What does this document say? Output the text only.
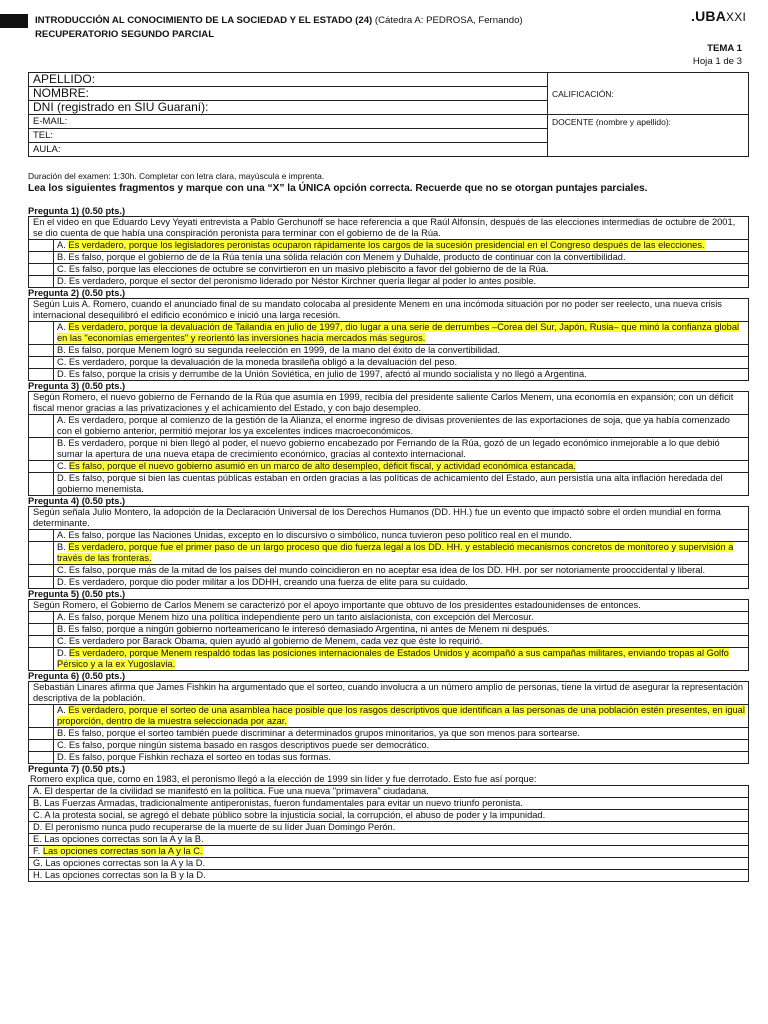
INTRODUCCIÓN AL CONOCIMIENTO DE LA SOCIEDAD Y EL ESTADO (24) (Cátedra A: PEDROSA, Fernando)
RECUPERATORIO SEGUNDO PARCIAL
.UBAXXI
TEMA 1
Hoja 1 de 3
APELLIDO:	CALIFICACIÓN:
NOMBRE:	
DNI (registrado en SIU Guaraní):	
E-MAIL:	DOCENTE (nombre y apellido):
TEL:	
AULA:	
Duración del examen: 1:30h. Completar con letra clara, mayúscula e imprenta.
Lea los siguientes fragmentos y marque con una “X” la ÚNICA opción correcta. Recuerde que no se otorgan puntajes parciales.
Pregunta 1) (0.50 pts.)
En el video en que Eduardo Levy Yeyati entrevista a Pablo Gerchunoff se hace referencia a que Raúl Alfonsín, después de las elecciones intermedias de octubre de 2001, se dio cuenta de que había una conspiración peronista para terminar con el gobierno de de la Rúa.
A. Es verdadero, porque los legisladores peronistas ocuparon rápidamente los cargos de la sucesión presidencial en el Congreso después de las elecciones.
B. Es falso, porque el gobierno de de la Rúa tenía una sólida relación con Menem y Duhalde, producto de continuar con la convertibilidad.
C. Es falso, porque las elecciones de octubre se convirtieron en un masivo plebiscito a favor del gobierno de de la Rúa.
D. Es verdadero, porque el sector del peronismo liderado por Néstor Kirchner quería llegar al poder lo antes posible.
Pregunta 2) (0.50 pts.)
Según Luis A. Romero, cuando el anunciado final de su mandato colocaba al presidente Menem en una incómoda situación por no poder ser reelecto, una nueva crisis internacional desequilibró el edificio económico e inició una larga recesión.
A. Es verdadero, porque la devaluación de Tailandia en julio de 1997, dio lugar a una serie de derrumbes –Corea del Sur, Japón, Rusia– que minó la confianza global en las "economías emergentes" y reorientó las inversiones hacia mercados más seguros.
B. Es falso, porque Menem logró su segunda reelección en 1999, de la mano del éxito de la convertibilidad.
C. Es verdadero, porque la devaluación de la moneda brasileña obligó a la devaluación del peso.
D. Es falso, porque la crisis y derrumbe de la Unión Soviética, en julio de 1997, afectó al mundo socialista y no llegó a Argentina.
Pregunta 3) (0.50 pts.)
Según Romero, el nuevo gobierno de Fernando de la Rúa que asumía en 1999, recibía del presidente saliente Carlos Menem, una economía en expansión; con un déficit fiscal menor gracias a las privatizaciones y el achicamiento del Estado, y con bajo desempleo.
A. Es verdadero, porque al comienzo de la gestión de la Alianza, el enorme ingreso de divisas provenientes de las exportaciones de soja, que ya había comenzado con el gobierno anterior, permitió mejorar los ya excelentes índices macroeconómicos.
B. Es verdadero, porque ni bien llegó al poder, el nuevo gobierno encabezado por Fernando de la Rúa, gozó de un legado económico inmejorable a lo que debió sumar la apertura de una nueva etapa de crecimiento económico, gracias al contexto internacional.
C. Es falso, porque el nuevo gobierno asumió en un marco de alto desempleo, déficit fiscal, y actividad económica estancada.
D. Es falso, porque si bien las cuentas públicas estaban en orden gracias a las políticas de achicamiento del Estado, aun persistía una alta inflación heredada del gobierno menemista.
Pregunta 4) (0.50 pts.)
Según señala Julio Montero, la adopción de la Declaración Universal de los Derechos Humanos (DD. HH.) fue un evento que impactó sobre el orden mundial en forma determinante.
A. Es falso, porque las Naciones Unidas, excepto en lo discursivo o simbólico, nunca tuvieron peso político real en el mundo.
B. Es verdadero, porque fue el primer paso de un largo proceso que dio fuerza legal a los DD. HH. y estableció mecanismos concretos de monitoreo y supervisión a través de las fronteras.
C. Es falso, porque más de la mitad de los países del mundo coincidieron en no aceptar esa idea de los DD. HH. por ser notoriamente prooccidental y liberal.
D. Es verdadero, porque dio poder militar a los DDHH, creando una fuerza de elite para su cuidado.
Pregunta 5) (0.50 pts.)
Según Romero, el Gobierno de Carlos Menem se caracterizó por el apoyo importante que obtuvo de los presidentes estadounidenses de entonces.
A. Es falso, porque Menem hizo una política independiente pero un tanto aislacionista, con excepción del Mercosur.
B. Es falso, porque a ningún gobierno norteamericano le interesó demasiado Argentina, ni antes de Menem ni después.
C. Es verdadero por Barack Obama, quien ayudó al gobierno de Menem, cada vez que éste lo requirió.
D. Es verdadero, porque Menem respaldó todas las posiciones internacionales de Estados Unidos y acompañó a sus campañas militares, enviando tropas al Golfo Pérsico y a la ex Yugoslavia.
Pregunta 6) (0.50 pts.)
Sebastián Linares afirma que James Fishkin ha argumentado que el sorteo, cuando involucra a un número amplio de personas, tiene la virtud de asegurar la representación descriptiva de la población.
A. Es verdadero, porque el sorteo de una asamblea hace posible que los rasgos descriptivos que identifican a las personas de una población estén presentes, en igual proporción, dentro de la muestra seleccionada por azar.
B. Es falso, porque el sorteo también puede discriminar a determinados grupos minoritarios, ya que son menos para sortearse.
C. Es falso, porque ningún sistema basado en rasgos descriptivos puede ser democrático.
D. Es falso, porque Fishkin rechaza el sorteo en todas sus formas.
Pregunta 7) (0.50 pts.)
Romero explica que, como en 1983, el peronismo llegó a la elección de 1999 sin líder y fue derrotado. Esto fue así porque:
A. El despertar de la civilidad se manifestó en la política. Fue una nueva "primavera" ciudadana.
B. Las Fuerzas Armadas, tradicionalmente antiperonistas, fueron fundamentales para evitar un nuevo triunfo peronista.
C. A la protesta social, se agregó el debate público sobre la injusticia social, la corrupción, el abuso de poder y la impunidad.
D. El peronismo nunca pudo recuperarse de la muerte de su líder Juan Domingo Perón.
E. Las opciones correctas son la A y la B.
F. Las opciones correctas son la A y la C.
G. Las opciones correctas son la A y la D.
H. Las opciones correctas son la B y la D.
